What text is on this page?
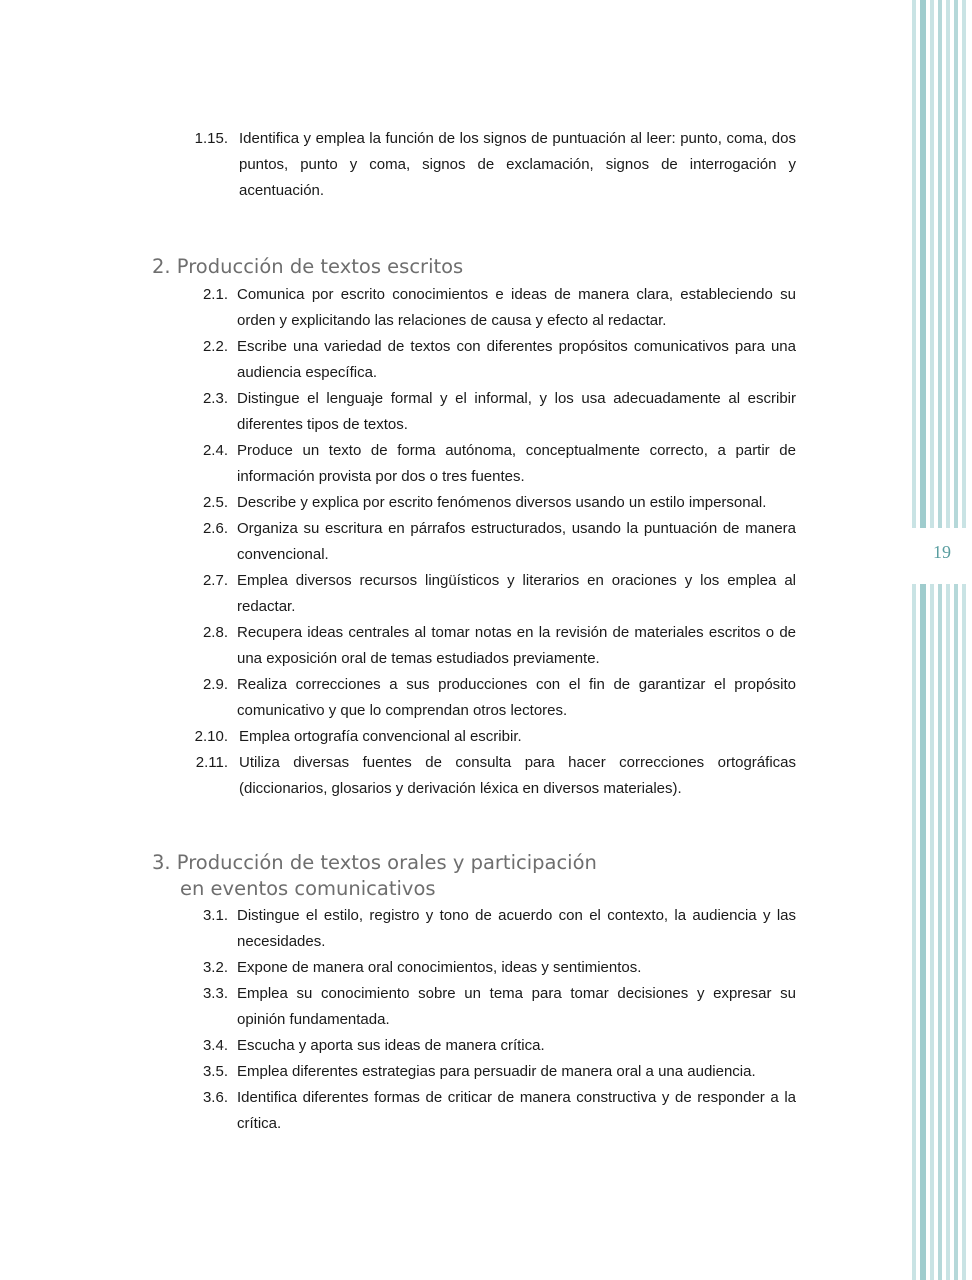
1.15. Identifica y emplea la función de los signos de puntuación al leer: punto, coma, dos puntos, punto y coma, signos de exclamación, signos de interrogación y acentuación.
2. Producción de textos escritos
2.1. Comunica por escrito conocimientos e ideas de manera clara, estableciendo su orden y explicitando las relaciones de causa y efecto al redactar.
2.2. Escribe una variedad de textos con diferentes propósitos comunicativos para una audiencia específica.
2.3. Distingue el lenguaje formal y el informal, y los usa adecuadamente al escribir diferentes tipos de textos.
2.4. Produce un texto de forma autónoma, conceptualmente correcto, a partir de información provista por dos o tres fuentes.
2.5. Describe y explica por escrito fenómenos diversos usando un estilo impersonal.
2.6. Organiza su escritura en párrafos estructurados, usando la puntuación de manera convencional.
2.7. Emplea diversos recursos lingüísticos y literarios en oraciones y los emplea al redactar.
2.8. Recupera ideas centrales al tomar notas en la revisión de materiales escritos o de una exposición oral de temas estudiados previamente.
2.9. Realiza correcciones a sus producciones con el fin de garantizar el propósito comunicativo y que lo comprendan otros lectores.
2.10. Emplea ortografía convencional al escribir.
2.11. Utiliza diversas fuentes de consulta para hacer correcciones ortográficas (diccionarios, glosarios y derivación léxica en diversos materiales).
3. Producción de textos orales y participación
en eventos comunicativos
3.1. Distingue el estilo, registro y tono de acuerdo con el contexto, la audiencia y las necesidades.
3.2. Expone de manera oral conocimientos, ideas y sentimientos.
3.3. Emplea su conocimiento sobre un tema para tomar decisiones y expresar su opinión fundamentada.
3.4. Escucha y aporta sus ideas de manera crítica.
3.5. Emplea diferentes estrategias para persuadir de manera oral a una audiencia.
3.6. Identifica diferentes formas de criticar de manera constructiva y de responder a la crítica.
19
